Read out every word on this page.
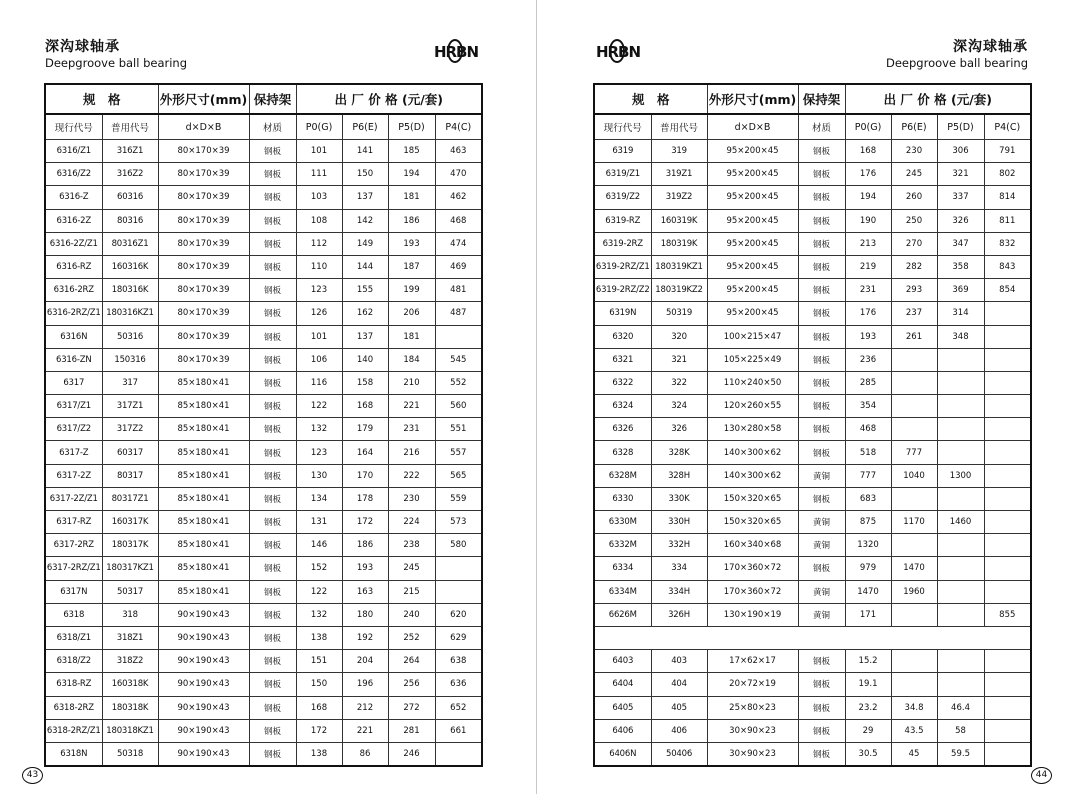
深沟球轴承
Deepgroove ball bearing
HRBN
规　格		外形尺寸(mm)	保持架	出 厂 价 格 (元/套)			
现行代号	普用代号	d×D×B	材质	P0(G)	P6(E)	P5(D)	P4(C)
6316/Z1	316Z1	80×170×39	钢板	101	141	185	463
6316/Z2	316Z2	80×170×39	钢板	111	150	194	470
6316-Z	60316	80×170×39	钢板	103	137	181	462
6316-2Z	80316	80×170×39	钢板	108	142	186	468
6316-2Z/Z1	80316Z1	80×170×39	钢板	112	149	193	474
6316-RZ	160316K	80×170×39	钢板	110	144	187	469
6316-2RZ	180316K	80×170×39	钢板	123	155	199	481
6316-2RZ/Z1	180316KZ1	80×170×39	钢板	126	162	206	487
6316N	50316	80×170×39	钢板	101	137	181	
6316-ZN	150316	80×170×39	钢板	106	140	184	545
6317	317	85×180×41	钢板	116	158	210	552
6317/Z1	317Z1	85×180×41	钢板	122	168	221	560
6317/Z2	317Z2	85×180×41	钢板	132	179	231	551
6317-Z	60317	85×180×41	钢板	123	164	216	557
6317-2Z	80317	85×180×41	钢板	130	170	222	565
6317-2Z/Z1	80317Z1	85×180×41	钢板	134	178	230	559
6317-RZ	160317K	85×180×41	钢板	131	172	224	573
6317-2RZ	180317K	85×180×41	钢板	146	186	238	580
6317-2RZ/Z1	180317KZ1	85×180×41	钢板	152	193	245	
6317N	50317	85×180×41	钢板	122	163	215	
6318	318	90×190×43	钢板	132	180	240	620
6318/Z1	318Z1	90×190×43	钢板	138	192	252	629
6318/Z2	318Z2	90×190×43	钢板	151	204	264	638
6318-RZ	160318K	90×190×43	钢板	150	196	256	636
6318-2RZ	180318K	90×190×43	钢板	168	212	272	652
6318-2RZ/Z1	180318KZ1	90×190×43	钢板	172	221	281	661
6318N	50318	90×190×43	钢板	138	86	246	
43
深沟球轴承
Deepgroove ball bearing
HRBN
规　格		外形尺寸(mm)	保持架	出 厂 价 格 (元/套)			
现行代号	普用代号	d×D×B	材质	P0(G)	P6(E)	P5(D)	P4(C)
6319	319	95×200×45	钢板	168	230	306	791
6319/Z1	319Z1	95×200×45	钢板	176	245	321	802
6319/Z2	319Z2	95×200×45	钢板	194	260	337	814
6319-RZ	160319K	95×200×45	钢板	190	250	326	811
6319-2RZ	180319K	95×200×45	钢板	213	270	347	832
6319-2RZ/Z1	180319KZ1	95×200×45	钢板	219	282	358	843
6319-2RZ/Z2	180319KZ2	95×200×45	钢板	231	293	369	854
6319N	50319	95×200×45	钢板	176	237	314	
6320	320	100×215×47	钢板	193	261	348	
6321	321	105×225×49	钢板	236			
6322	322	110×240×50	钢板	285			
6324	324	120×260×55	钢板	354			
6326	326	130×280×58	钢板	468			
6328	328K	140×300×62	钢板	518	777		
6328M	328H	140×300×62	黄铜	777	1040	1300	
6330	330K	150×320×65	钢板	683			
6330M	330H	150×320×65	黄铜	875	1170	1460	
6332M	332H	160×340×68	黄铜	1320			
6334	334	170×360×72	钢板	979	1470		
6334M	334H	170×360×72	黄铜	1470	1960		
6626M	326H	130×190×19	黄铜	171			855

6403	403	17×62×17	钢板	15.2			
6404	404	20×72×19	钢板	19.1			
6405	405	25×80×23	钢板	23.2	34.8	46.4	
6406	406	30×90×23	钢板	29	43.5	58	
6406N	50406	30×90×23	钢板	30.5	45	59.5	
44
